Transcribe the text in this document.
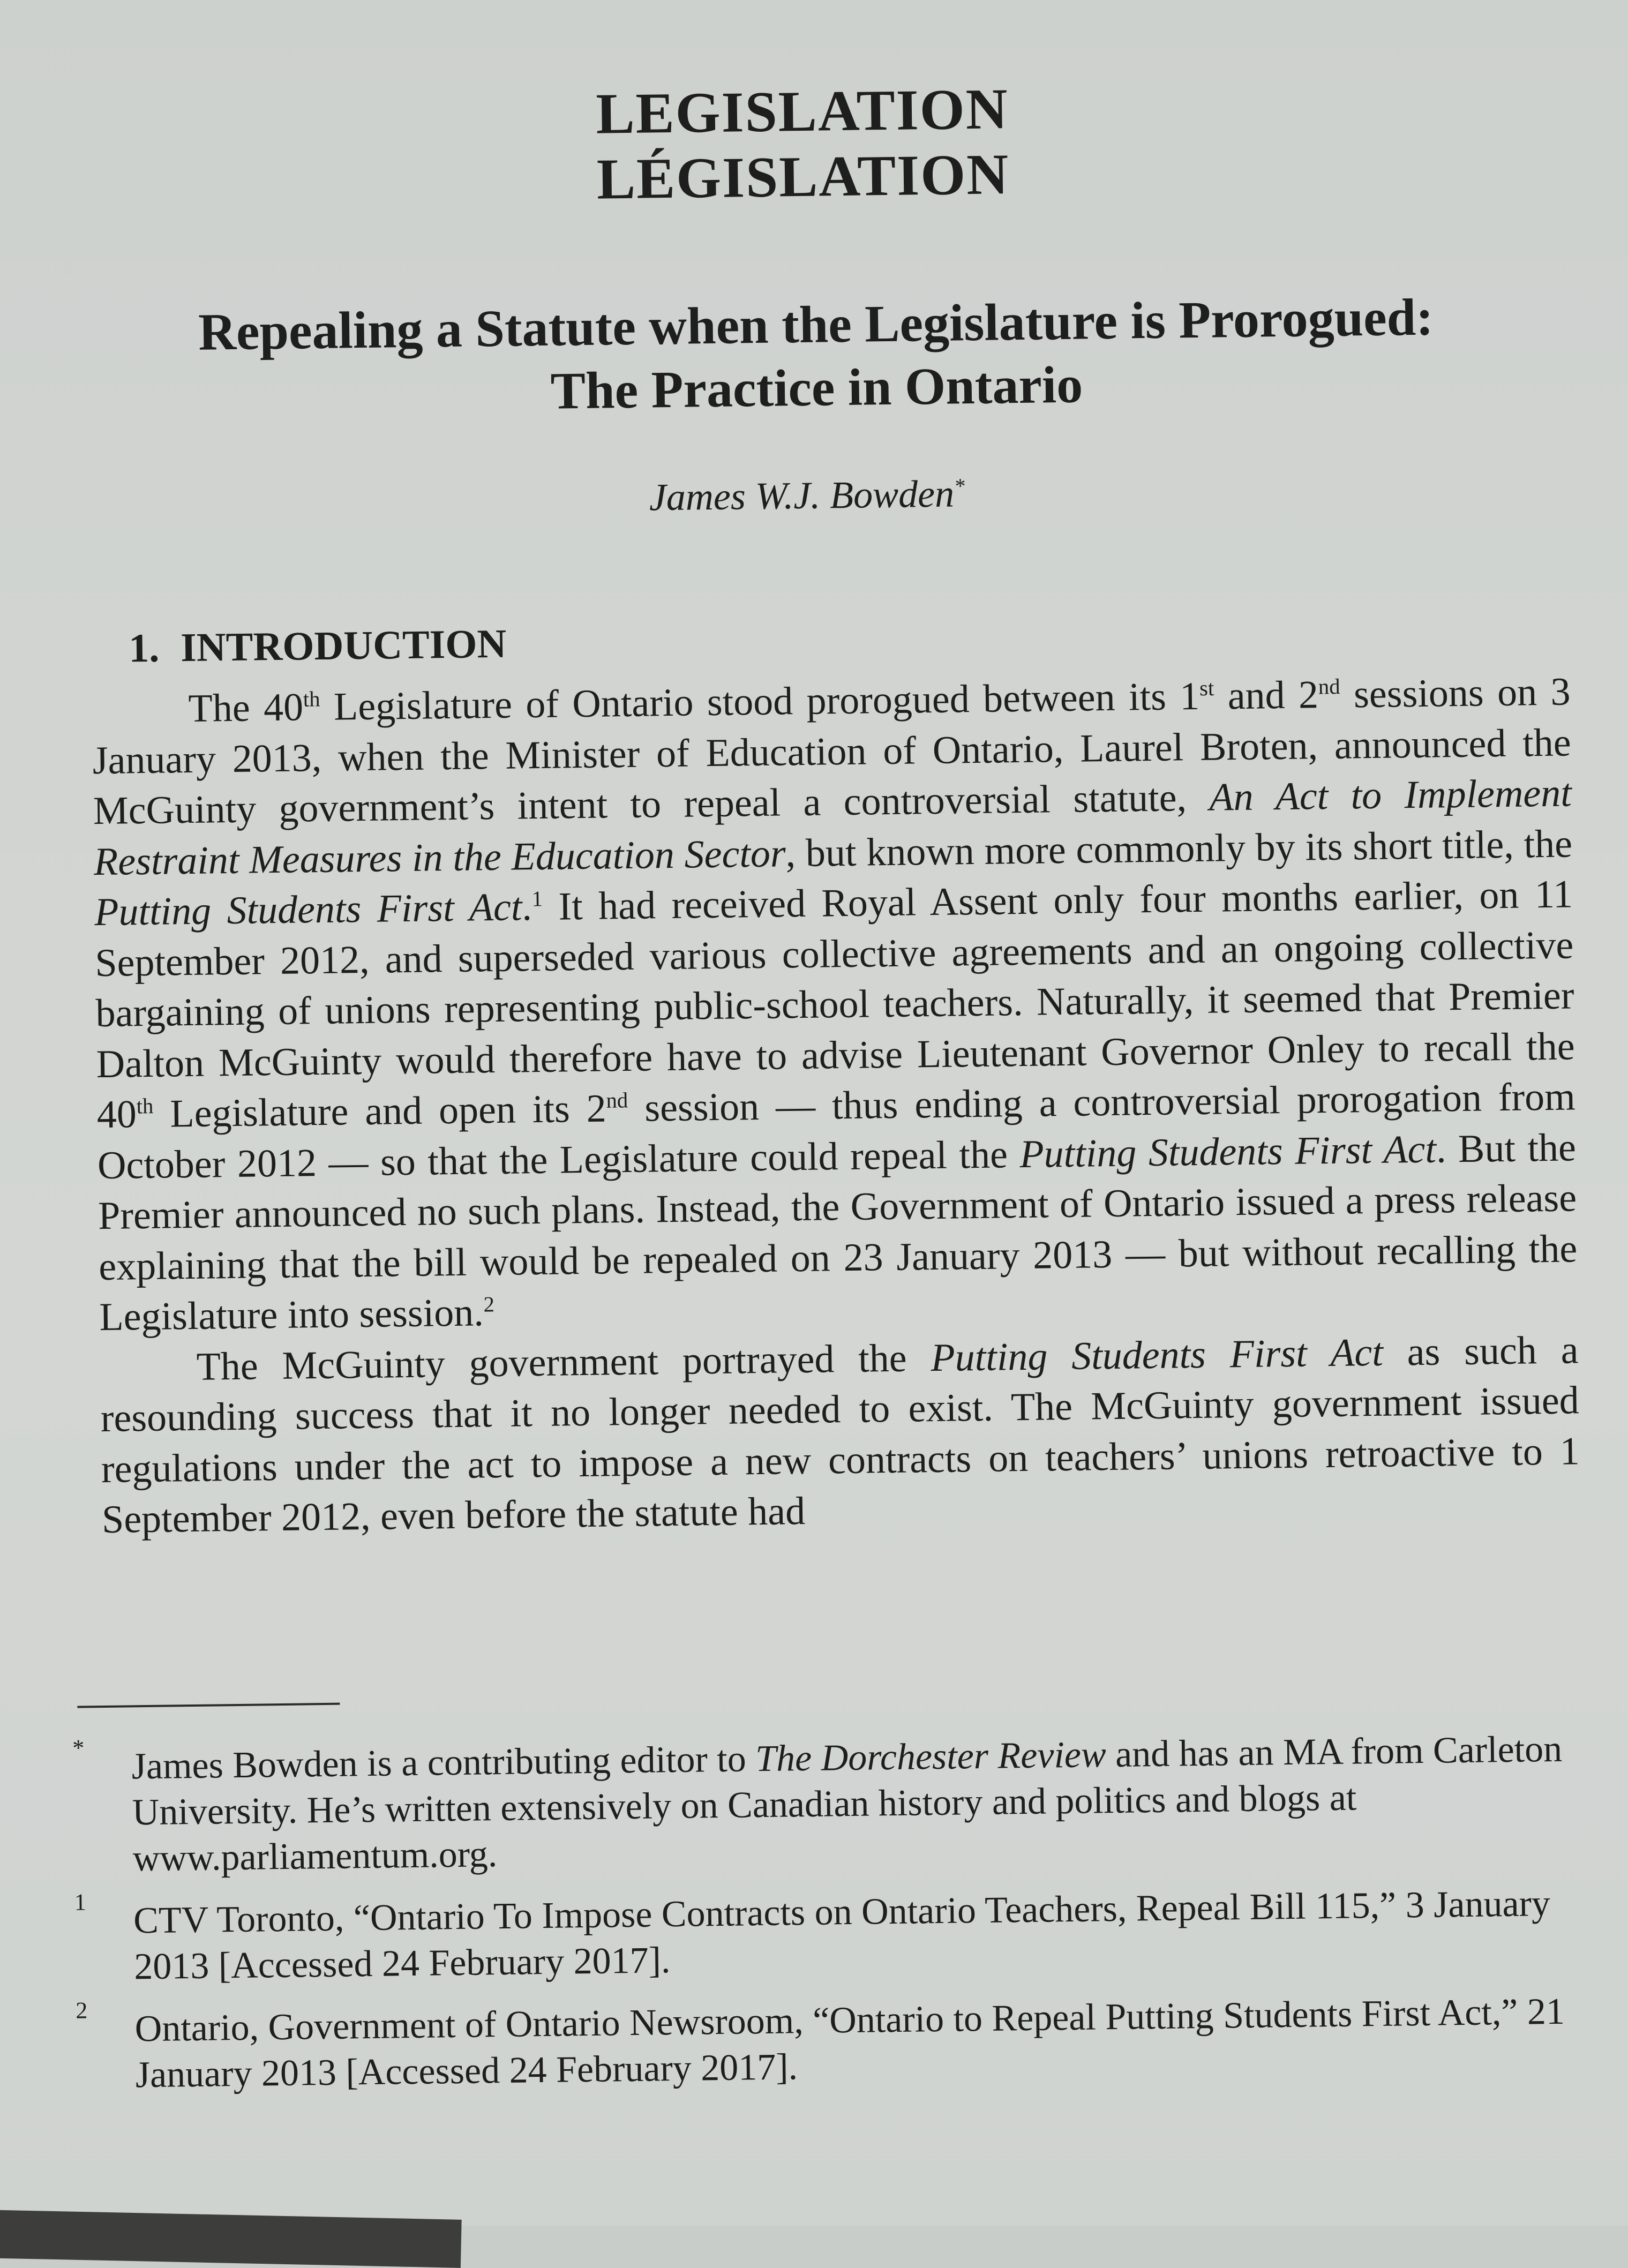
LEGISLATION
LÉGISLATION
Repealing a Statute when the Legislature is Prorogued: The Practice in Ontario
James W.J. Bowden*
1. INTRODUCTION

The 40th Legislature of Ontario stood prorogued between its 1st and 2nd sessions on 3 January 2013, when the Minister of Education of Ontario, Laurel Broten, announced the McGuinty government’s intent to repeal a controversial statute, An Act to Implement Restraint Measures in the Education Sector, but known more commonly by its short title, the Putting Students First Act.$^1$ It had received Royal Assent only four months earlier, on 11 September 2012, and superseded various collective agreements and an ongoing collective bargaining of unions representing public-school teachers. Naturally, it seemed that Premier Dalton McGuinty would therefore have to advise Lieutenant Governor Onley to recall the 40th Legislature and open its 2nd session — thus ending a controversial prorogation from October 2012 — so that the Legislature could repeal the Putting Students First Act. But the Premier announced no such plans. Instead, the Government of Ontario issued a press release explaining that the bill would be repealed on 23 January 2013 — but without recalling the Legislature into session.$^2$

The McGuinty government portrayed the Putting Students First Act as such a resounding success that it no longer needed to exist. The McGuinty government issued regulations under the act to impose a new contracts on teachers’ unions retroactive to 1 September 2012, even before the statute had

* James Bowden is a contributing editor to The Dorchester Review and has an MA from Carleton University. He’s written extensively on Canadian history and politics and blogs at www.parliamentum.org.
1 CTV Toronto, “Ontario To Impose Contracts on Ontario Teachers, Repeal Bill 115,” 3 January 2013 [Accessed 24 February 2017].
2 Ontario, Government of Ontario Newsroom, “Ontario to Repeal Putting Students First Act,” 21 January 2013 [Accessed 24 February 2017].
